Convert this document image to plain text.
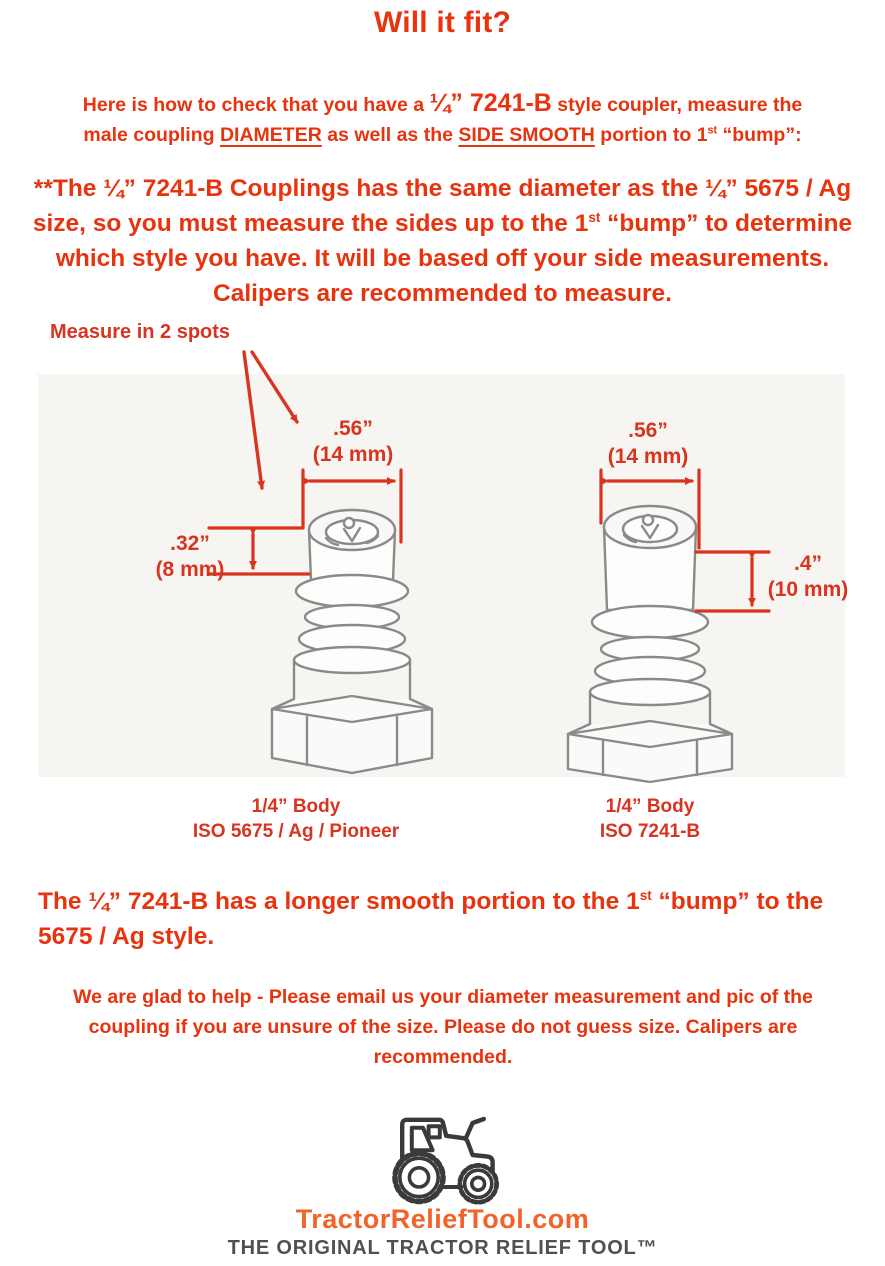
Will it fit?
Here is how to check that you have a ¼” 7241-B style coupler, measure the
male coupling DIAMETER as well as the SIDE SMOOTH portion to 1st “bump”:
**The ¼” 7241-B Couplings has the same diameter as the ¼” 5675 / Ag
size, so you must measure the sides up to the 1st “bump” to determine
which style you have. It will be based off your side measurements.
Calipers are recommended to measure.
Measure in 2 spots
.56”
(14 mm)
.56”
(14 mm)
.32”
(8 mm)	.4”
(10 mm)
1/4” Body
ISO 5675 / Ag / Pioneer
1/4” Body
ISO 7241-B
The ¼” 7241-B has a longer smooth portion to the 1st “bump” to the
5675 / Ag style.
We are glad to help - Please email us your diameter measurement and pic of the
coupling if you are unsure of the size. Please do not guess size. Calipers are
recommended.
TractorReliefTool.com
THE ORIGINAL TRACTOR RELIEF TOOL™
